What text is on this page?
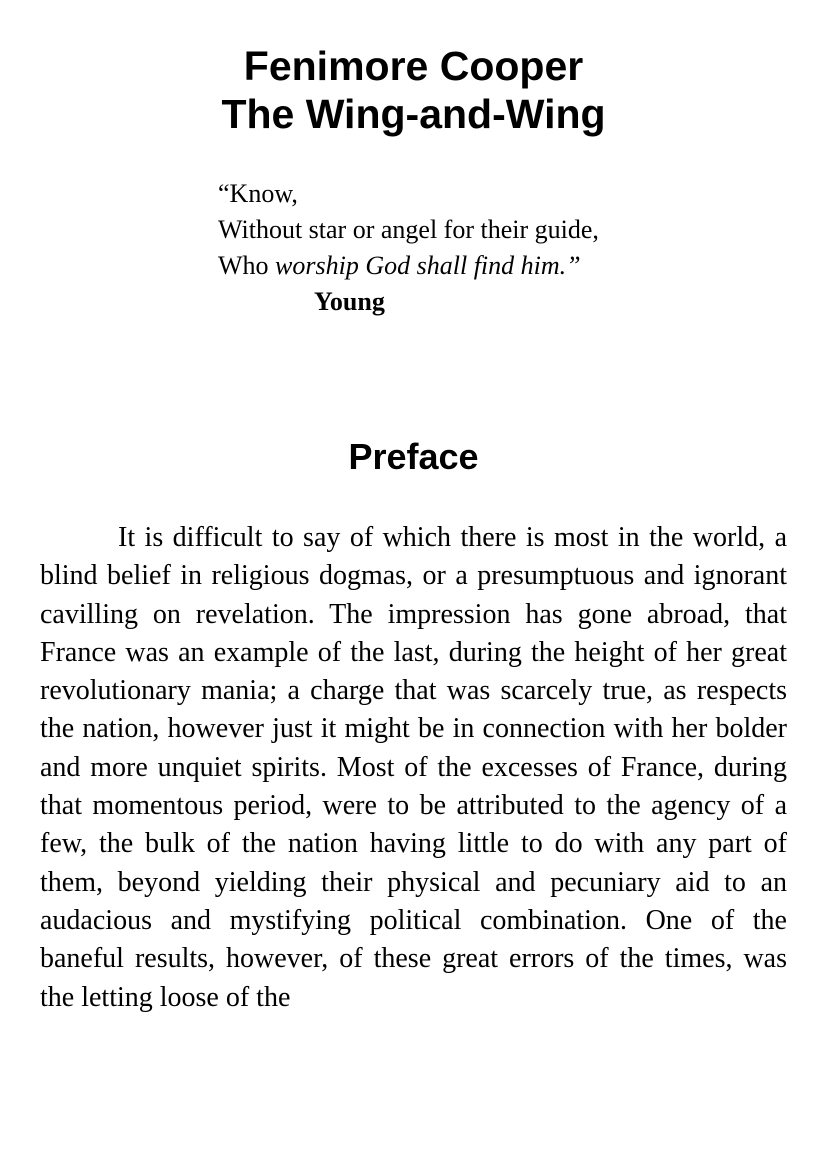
Fenimore Cooper
The Wing-and-Wing
“Know,
Without star or angel for their guide,
Who worship God shall find him.”
Young
Preface

It is difficult to say of which there is most in the world, a blind belief in religious dogmas, or a presumptuous and ignorant cavilling on revelation. The impression has gone abroad, that France was an example of the last, during the height of her great revolutionary mania; a charge that was scarcely true, as respects the nation, however just it might be in connection with her bolder and more unquiet spirits. Most of the excesses of France, during that momentous period, were to be attributed to the agency of a few, the bulk of the nation having little to do with any part of them, beyond yielding their physical and pecuniary aid to an audacious and mystifying political combination. One of the baneful results, however, of these great errors of the times, was the letting loose of the
